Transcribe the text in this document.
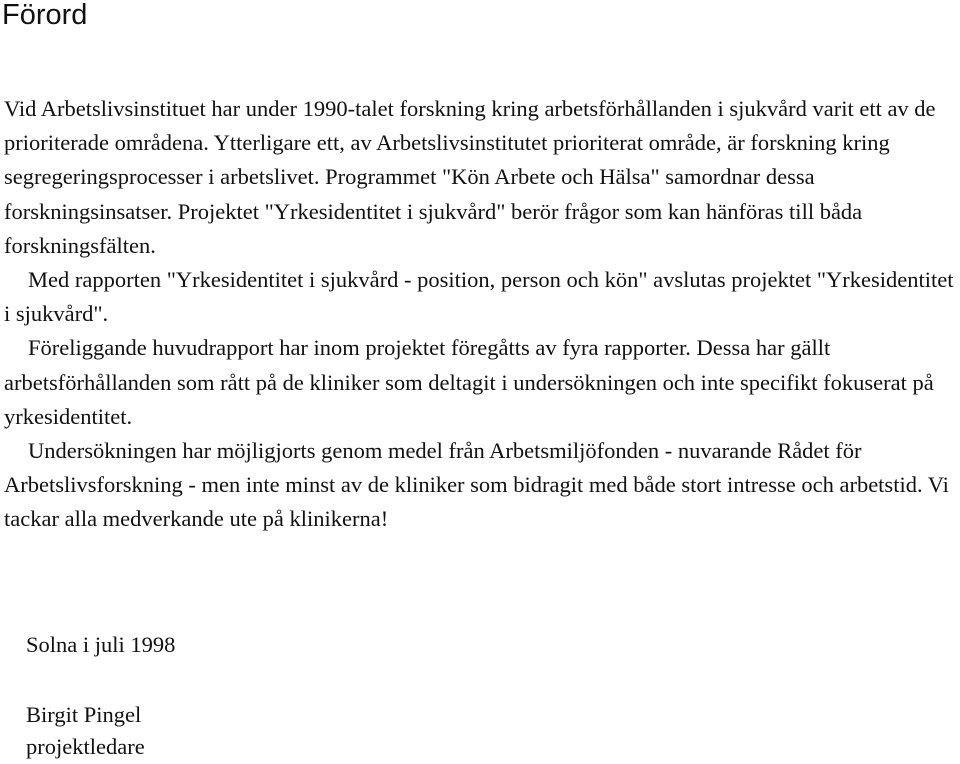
Förord

Vid Arbetslivsinstituet har under 1990-talet forskning kring arbetsförhållanden i sjukvård varit ett av de prioriterade områdena. Ytterligare ett, av Arbetslivsinstitutet prioriterat område, är forskning kring segregeringsprocesser i arbetslivet. Programmet "Kön Arbete och Hälsa" samordnar dessa forskningsinsatser. Projektet "Yrkesidentitet i sjukvård" berör frågor som kan hänföras till båda forskningsfälten.

Med rapporten "Yrkesidentitet i sjukvård - position, person och kön" avslutas projektet "Yrkesidentitet i sjukvård".

Föreliggande huvudrapport har inom projektet föregåtts av fyra rapporter. Dessa har gällt arbetsförhållanden som rått på de kliniker som deltagit i undersökningen och inte specifikt fokuserat på yrkesidentitet.

Undersökningen har möjligjorts genom medel från Arbetsmiljöfonden - nuvarande Rådet för Arbetslivsforskning - men inte minst av de kliniker som bidragit med både stort intresse och arbetstid. Vi tackar alla medverkande ute på klinikerna!

Solna i juli 1998
Birgit Pingel
projektledare
